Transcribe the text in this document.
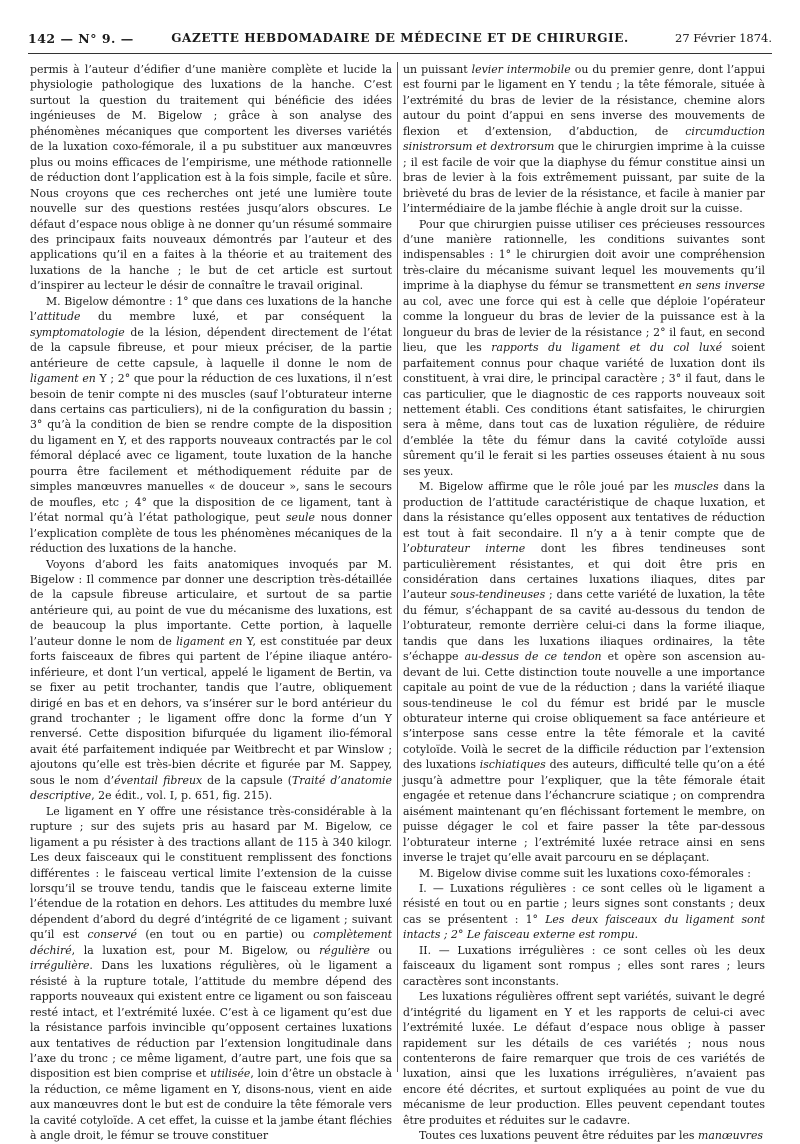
142 — N° 9. —	GAZETTE HEBDOMADAIRE DE MÉDECINE ET DE CHIRURGIE.	27 Février 1874.

permis à l’auteur d’édifier d’une manière complète et lucide la physiologie pathologique des luxations de la hanche. C’est surtout la question du traitement qui bénéficie des idées ingénieuses de M. Bigelow ; grâce à son analyse des phénomènes mécaniques que comportent les diverses variétés de la luxation coxo-fémorale, il a pu substituer aux manœuvres plus ou moins efficaces de l’empirisme, une méthode rationnelle de réduction dont l’application est à la fois simple, facile et sûre. Nous croyons que ces recherches ont jeté une lumière toute nouvelle sur des questions restées jusqu’alors obscures. Le défaut d’espace nous oblige à ne donner qu’un résumé sommaire des principaux faits nouveaux démontrés par l’auteur et des applications qu’il en a faites à la théorie et au traitement des luxations de la hanche ; le but de cet article est surtout d’inspirer au lecteur le désir de connaître le travail original.

M. Bigelow démontre : 1° que dans ces luxations de la hanche l’attitude du membre luxé, et par conséquent la symptomatologie de la lésion, dépendent directement de l’état de la capsule fibreuse, et pour mieux préciser, de la partie antérieure de cette capsule, à laquelle il donne le nom de ligament en Y ; 2° que pour la réduction de ces luxations, il n’est besoin de tenir compte ni des muscles (sauf l’obturateur interne dans certains cas particuliers), ni de la configuration du bassin ; 3° qu’à la condition de bien se rendre compte de la disposition du ligament en Y, et des rapports nouveaux contractés par le col fémoral déplacé avec ce ligament, toute luxation de la hanche pourra être facilement et méthodiquement réduite par de simples manœuvres manuelles « de douceur », sans le secours de moufles, etc ; 4° que la disposition de ce ligament, tant à l’état normal qu’à l’état pathologique, peut seule nous donner l’explication complète de tous les phénomènes mécaniques de la réduction des luxations de la hanche.

Voyons d’abord les faits anatomiques invoqués par M. Bigelow : Il commence par donner une description très-détaillée de la capsule fibreuse articulaire, et surtout de sa partie antérieure qui, au point de vue du mécanisme des luxations, est de beaucoup la plus importante. Cette portion, à laquelle l’auteur donne le nom de ligament en Y, est constituée par deux forts faisceaux de fibres qui partent de l’épine iliaque antéro-inférieure, et dont l’un vertical, appelé le ligament de Bertin, va se fixer au petit trochanter, tandis que l’autre, obliquement dirigé en bas et en dehors, va s’insérer sur le bord antérieur du grand trochanter ; le ligament offre donc la forme d’un Y renversé. Cette disposition bifurquée du ligament ilio-fémoral avait été parfaitement indiquée par Weitbrecht et par Winslow ; ajoutons qu’elle est très-bien décrite et figurée par M. Sappey, sous le nom d’éventail fibreux de la capsule (Traité d’anatomie descriptive, 2e édit., vol. I, p. 651, fig. 215).

Le ligament en Y offre une résistance très-considérable à la rupture ; sur des sujets pris au hasard par M. Bigelow, ce ligament a pu résister à des tractions allant de 115 à 340 kilogr. Les deux faisceaux qui le constituent remplissent des fonctions différentes : le faisceau vertical limite l’extension de la cuisse lorsqu’il se trouve tendu, tandis que le faisceau externe limite l’étendue de la rotation en dehors. Les attitudes du membre luxé dépendent d’abord du degré d’intégrité de ce ligament ; suivant qu’il est conservé (en tout ou en partie) ou complètement déchiré, la luxation est, pour M. Bigelow, ou régulière ou irrégulière. Dans les luxations régulières, où le ligament a résisté à la rupture totale, l’attitude du membre dépend des rapports nouveaux qui existent entre ce ligament ou son faisceau resté intact, et l’extrémité luxée. C’est à ce ligament qu’est due la résistance parfois invincible qu’opposent certaines luxations aux tentatives de réduction par l’extension longitudinale dans l’axe du tronc ; ce même ligament, d’autre part, une fois que sa disposition est bien comprise et utilisée, loin d’être un obstacle à la réduction, ce même ligament en Y, disons-nous, vient en aide aux manœuvres dont le but est de conduire la tête fémorale vers la cavité cotyloïde. A cet effet, la cuisse et la jambe étant fléchies à angle droit, le fémur se trouve constituer

un puissant levier intermobile ou du premier genre, dont l’appui est fourni par le ligament en Y tendu ; la tête fémorale, située à l’extrémité du bras de levier de la résistance, chemine alors autour du point d’appui en sens inverse des mouvements de flexion et d’extension, d’abduction, de circumduction sinistrorsum et dextrorsum que le chirurgien imprime à la cuisse ; il est facile de voir que la diaphyse du fémur constitue ainsi un bras de levier à la fois extrêmement puissant, par suite de la brièveté du bras de levier de la résistance, et facile à manier par l’intermédiaire de la jambe fléchie à angle droit sur la cuisse.

Pour que chirurgien puisse utiliser ces précieuses ressources d’une manière rationnelle, les conditions suivantes sont indispensables : 1° le chirurgien doit avoir une compréhension très-claire du mécanisme suivant lequel les mouvements qu’il imprime à la diaphyse du fémur se transmettent en sens inverse au col, avec une force qui est à celle que déploie l’opérateur comme la longueur du bras de levier de la puissance est à la longueur du bras de levier de la résistance ; 2° il faut, en second lieu, que les rapports du ligament et du col luxé soient parfaitement connus pour chaque variété de luxation dont ils constituent, à vrai dire, le principal caractère ; 3° il faut, dans le cas particulier, que le diagnostic de ces rapports nouveaux soit nettement établi. Ces conditions étant satisfaites, le chirurgien sera à même, dans tout cas de luxation régulière, de réduire d’emblée la tête du fémur dans la cavité cotyloïde aussi sûrement qu’il le ferait si les parties osseuses étaient à nu sous ses yeux.

M. Bigelow affirme que le rôle joué par les muscles dans la production de l’attitude caractéristique de chaque luxation, et dans la résistance qu’elles opposent aux tentatives de réduction est tout à fait secondaire. Il n’y a à tenir compte que de l’obturateur interne dont les fibres tendineuses sont particulièrement résistantes, et qui doit être pris en considération dans certaines luxations iliaques, dites par l’auteur sous-tendineuses ; dans cette variété de luxation, la tête du fémur, s’échappant de sa cavité au-dessous du tendon de l’obturateur, remonte derrière celui-ci dans la forme iliaque, tandis que dans les luxations iliaques ordinaires, la tête s’échappe au-dessus de ce tendon et opère son ascension au-devant de lui. Cette distinction toute nouvelle a une importance capitale au point de vue de la réduction ; dans la variété iliaque sous-tendineuse le col du fémur est bridé par le muscle obturateur interne qui croise obliquement sa face antérieure et s’interpose sans cesse entre la tête fémorale et la cavité cotyloïde. Voilà le secret de la difficile réduction par l’extension des luxations ischiatiques des auteurs, difficulté telle qu’on a été jusqu’à admettre pour l’expliquer, que la tête fémorale était engagée et retenue dans l’échancrure sciatique ; on comprendra aisément maintenant qu’en fléchissant fortement le membre, on puisse dégager le col et faire passer la tête par-dessous l’obturateur interne ; l’extrémité luxée retrace ainsi en sens inverse le trajet qu’elle avait parcouru en se déplaçant.

M. Bigelow divise comme suit les luxations coxo-fémorales :

I. — Luxations régulières : ce sont celles où le ligament a résisté en tout ou en partie ; leurs signes sont constants ; deux cas se présentent : 1° Les deux faisceaux du ligament sont intacts ; 2° Le faisceau externe est rompu.

II. — Luxations irrégulières : ce sont celles où les deux faisceaux du ligament sont rompus ; elles sont rares ; leurs caractères sont inconstants.

Les luxations régulières offrent sept variétés, suivant le degré d’intégrité du ligament en Y et les rapports de celui-ci avec l’extrémité luxée. Le défaut d’espace nous oblige à passer rapidement sur les détails de ces variétés ; nous nous contenterons de faire remarquer que trois de ces variétés de luxation, ainsi que les luxations irrégulières, n’avaient pas encore été décrites, et surtout expliquées au point de vue du mécanisme de leur production. Elles peuvent cependant toutes être produites et réduites sur le cadavre.

Toutes ces luxations peuvent être réduites par les manœuvres
